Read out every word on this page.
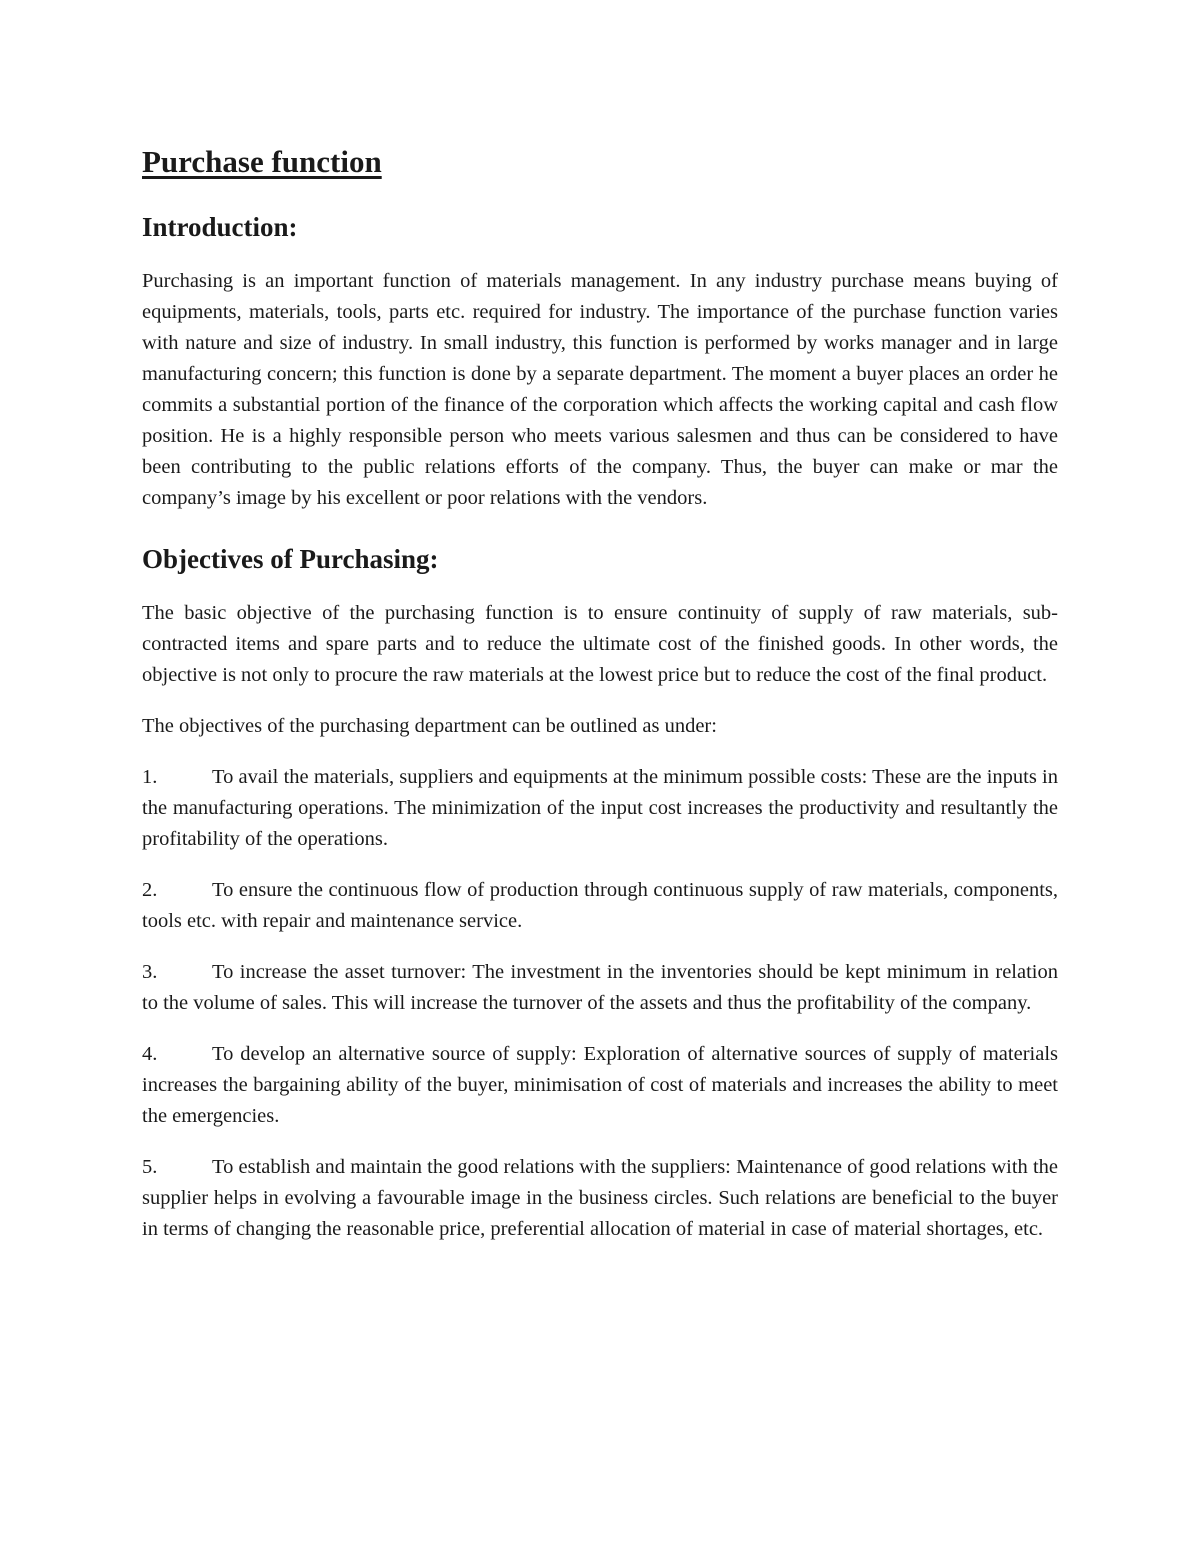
Purchase function
Introduction:

Purchasing is an important function of materials management. In any industry purchase means buying of equipments, materials, tools, parts etc. required for industry. The importance of the purchase function varies with nature and size of industry. In small industry, this function is performed by works manager and in large manufacturing concern; this function is done by a separate department. The moment a buyer places an order he commits a substantial portion of the finance of the corporation which affects the working capital and cash flow position. He is a highly responsible person who meets various salesmen and thus can be considered to have been contributing to the public relations efforts of the company. Thus, the buyer can make or mar the company’s image by his excellent or poor relations with the vendors.

Objectives of Purchasing:

The basic objective of the purchasing function is to ensure continuity of supply of raw materials, sub-contracted items and spare parts and to reduce the ultimate cost of the finished goods. In other words, the objective is not only to procure the raw materials at the lowest price but to reduce the cost of the final product.

The objectives of the purchasing department can be outlined as under:

1.	To avail the materials, suppliers and equipments at the minimum possible costs: These are the inputs in the manufacturing operations. The minimization of the input cost increases the productivity and resultantly the profitability of the operations.

2.	To ensure the continuous flow of production through continuous supply of raw materials, components, tools etc. with repair and maintenance service.

3.	To increase the asset turnover: The investment in the inventories should be kept minimum in relation to the volume of sales. This will increase the turnover of the assets and thus the profitability of the company.

4.	To develop an alternative source of supply: Exploration of alternative sources of supply of materials increases the bargaining ability of the buyer, minimisation of cost of materials and increases the ability to meet the emergencies.

5.	To establish and maintain the good relations with the suppliers: Maintenance of good relations with the supplier helps in evolving a favourable image in the business circles. Such relations are beneficial to the buyer in terms of changing the reasonable price, preferential allocation of material in case of material shortages, etc.
